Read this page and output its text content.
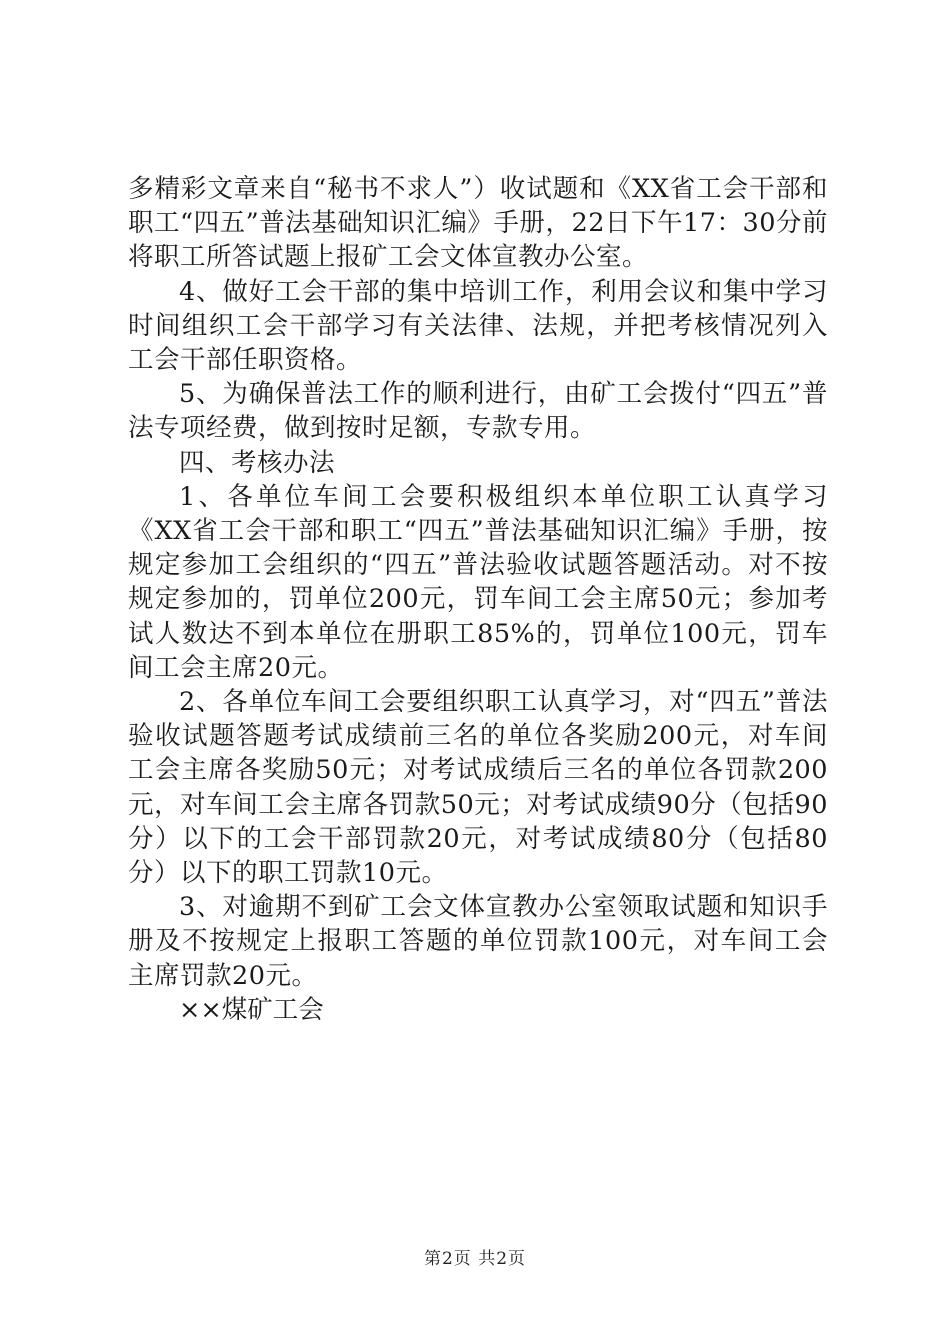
多精彩文章来自“秘书不求人”）收试题和《XX省工会干部和职工“四五”普法基础知识汇编》手册，22日下午17：30分前将职工所答试题上报矿工会文体宣教办公室。

4、做好工会干部的集中培训工作，利用会议和集中学习时间组织工会干部学习有关法律、法规，并把考核情况列入工会干部任职资格。

5、为确保普法工作的顺利进行，由矿工会拨付“四五”普法专项经费，做到按时足额，专款专用。

四、考核办法

1、各单位车间工会要积极组织本单位职工认真学习《XX省工会干部和职工“四五”普法基础知识汇编》手册，按规定参加工会组织的“四五”普法验收试题答题活动。对不按规定参加的，罚单位200元，罚车间工会主席50元；参加考试人数达不到本单位在册职工85%的，罚单位100元，罚车间工会主席20元。

2、各单位车间工会要组织职工认真学习，对“四五”普法验收试题答题考试成绩前三名的单位各奖励200元，对车间工会主席各奖励50元；对考试成绩后三名的单位各罚款200元，对车间工会主席各罚款50元；对考试成绩90分（包括90分）以下的工会干部罚款20元，对考试成绩80分（包括80分）以下的职工罚款10元。

3、对逾期不到矿工会文体宣教办公室领取试题和知识手册及不按规定上报职工答题的单位罚款100元，对车间工会主席罚款20元。

××煤矿工会

第2页 共2页
